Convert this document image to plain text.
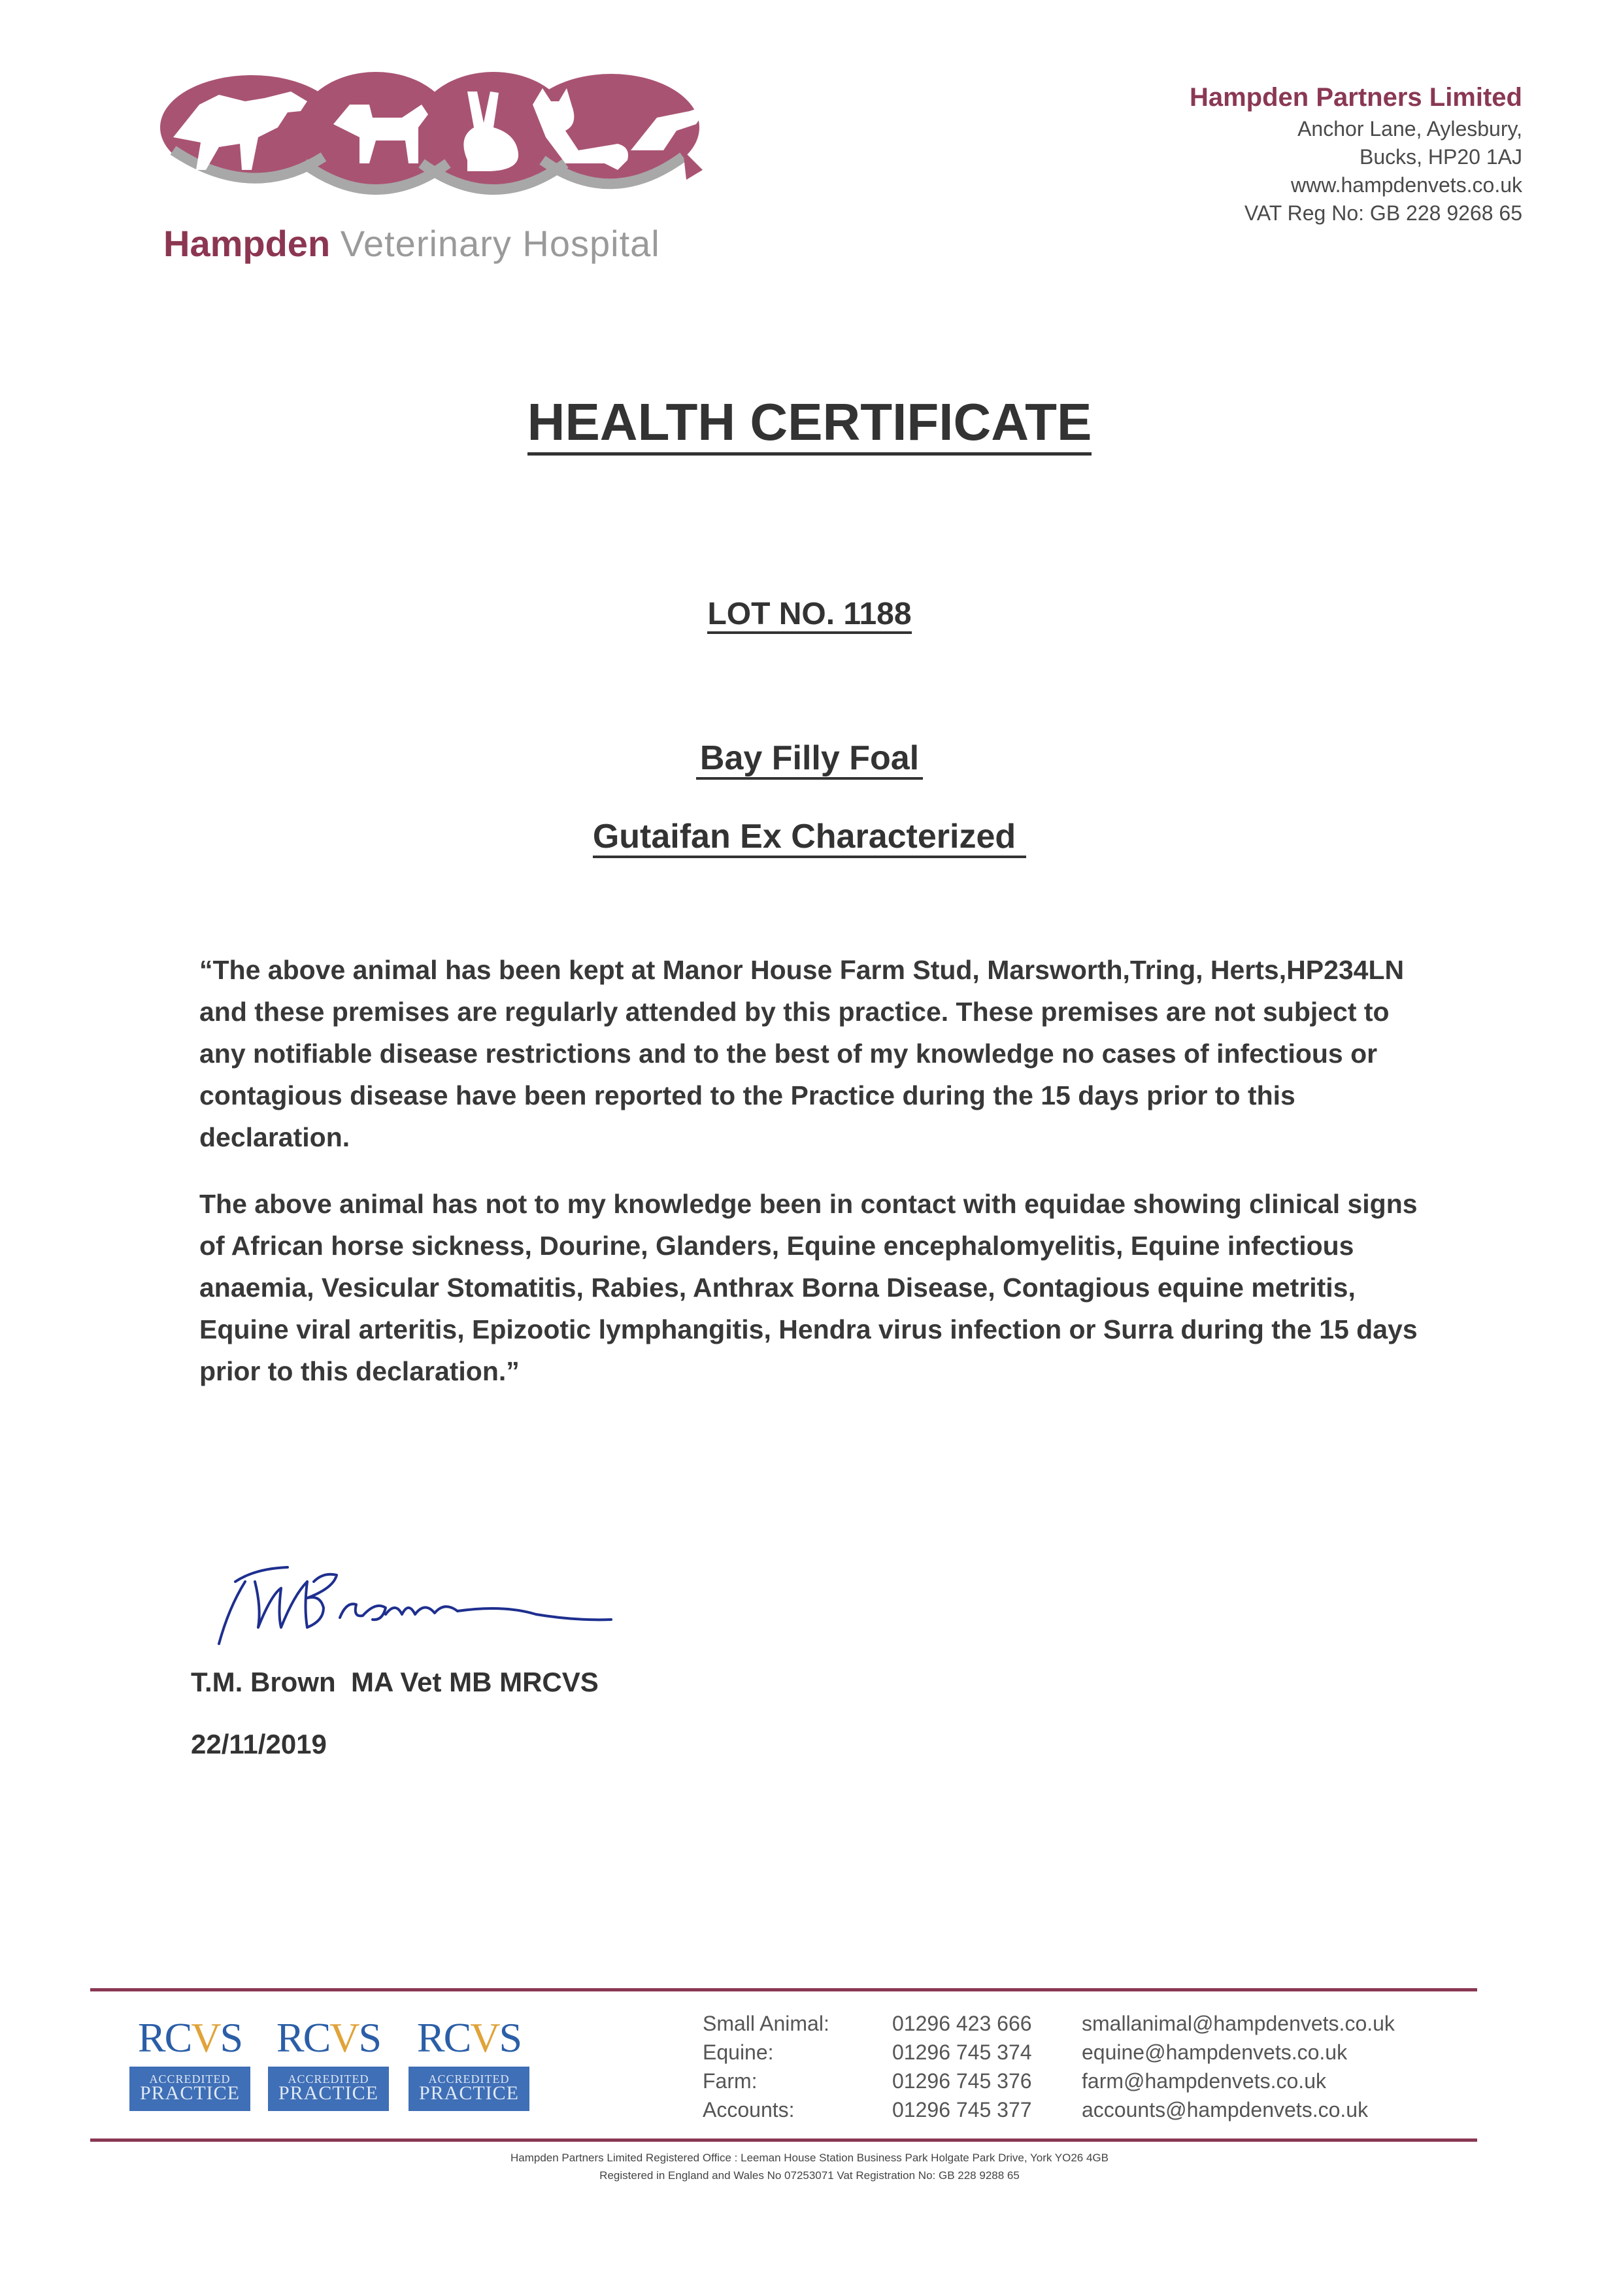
Hampden Veterinary Hospital
Hampden Partners Limited
Anchor Lane, Aylesbury,
Bucks, HP20 1AJ
www.hampdenvets.co.uk
VAT Reg No: GB 228 9268 65
HEALTH CERTIFICATE
LOT NO. 1188
Bay Filly Foal
Gutaifan Ex Characterized

“The above animal has been kept at Manor House Farm Stud, Marsworth,Tring, Herts,HP234LN and these premises are regularly attended by this practice. These premises are not subject to any notifiable disease restrictions and to the best of my knowledge no cases of infectious or contagious disease have been reported to the Practice during the 15 days prior to this declaration.

The above animal has not to my knowledge been in contact with equidae showing clinical signs of African horse sickness, Dourine, Glanders, Equine encephalomyelitis, Equine infectious anaemia, Vesicular Stomatitis, Rabies, Anthrax Borna Disease, Contagious equine metritis, Equine viral arteritis, Epizootic lymphangitis, Hendra virus infection or Surra during the 15 days prior to this declaration.”

T.M. Brown  MA Vet MB MRCVS
22/11/2019
RCVS
ACCREDITED
PRACTICE
RCVS
ACCREDITED
PRACTICE
RCVS
ACCREDITED
PRACTICE
Small Animal:	01296 423 666	smallanimal@hampdenvets.co.uk
Equine:	01296 745 374	equine@hampdenvets.co.uk
Farm:	01296 745 376	farm@hampdenvets.co.uk
Accounts:	01296 745 377	accounts@hampdenvets.co.uk
Hampden Partners Limited Registered Office : Leeman House Station Business Park Holgate Park Drive, York YO26 4GB
Registered in England and Wales No 07253071 Vat Registration No: GB 228 9288 65
